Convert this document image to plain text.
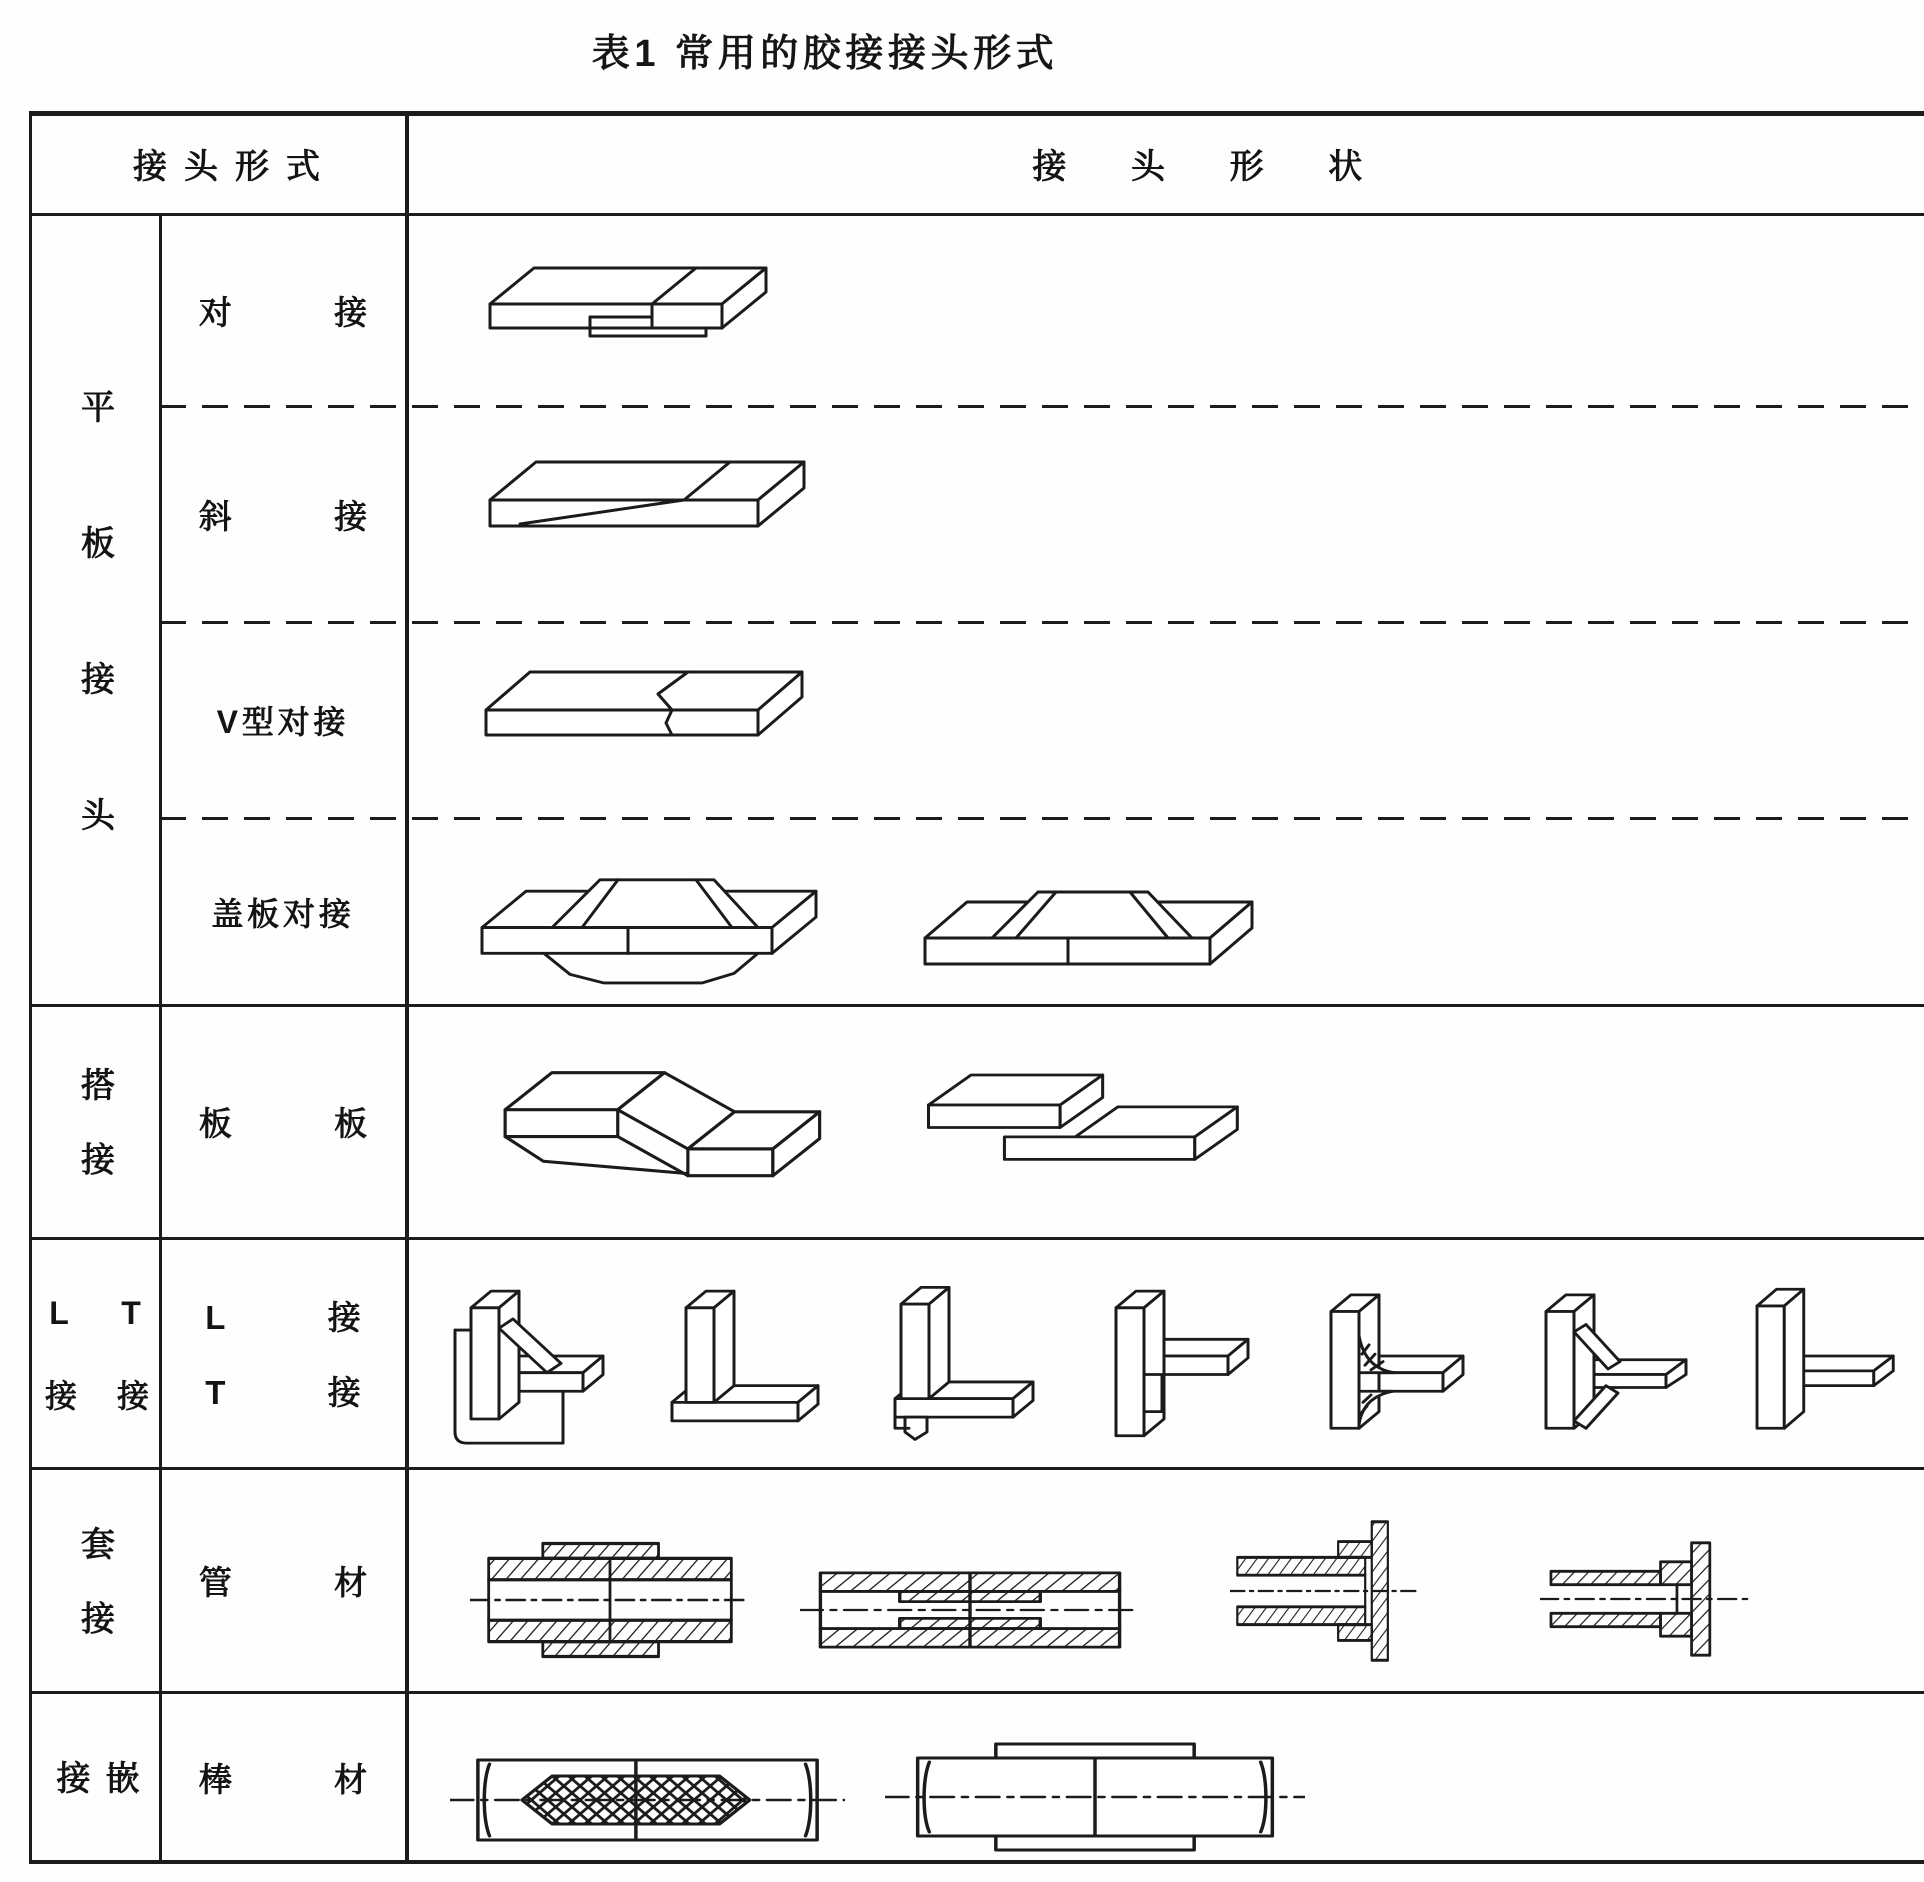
表1 常用的胶接接头形式
接头形式	接头形状
平板接头
搭接
L接 T接
套接
嵌接
对接
斜接
V型对接
盖板对接
板板
L接
T接
管材
棒材
